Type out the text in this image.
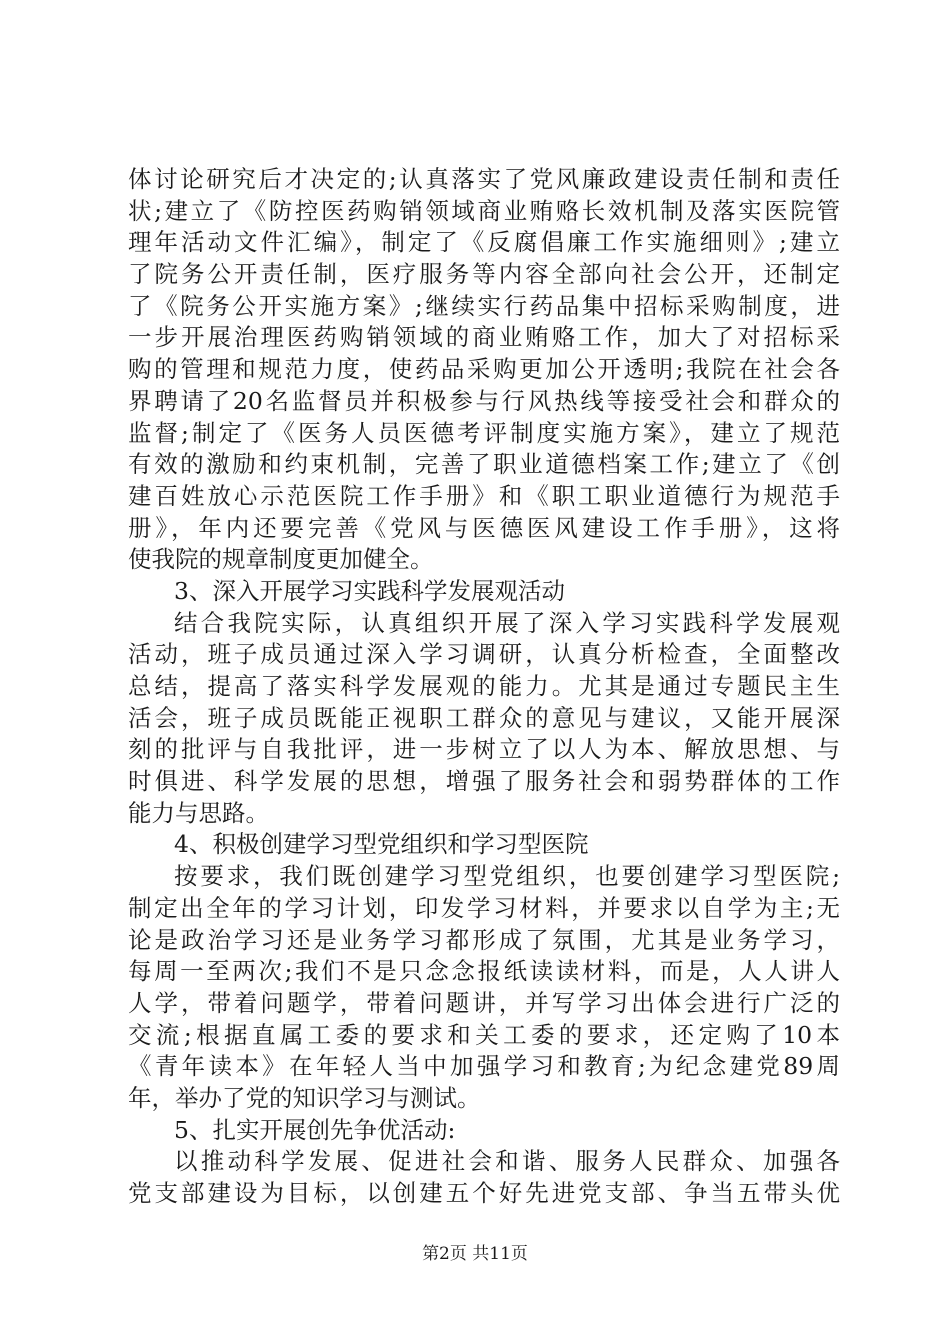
体讨论研究后才决定的;认真落实了党风廉政建设责任制和责任
状;建立了《防控医药购销领域商业贿赂长效机制及落实医院管
理年活动文件汇编》，制定了《反腐倡廉工作实施细则》;建立
了院务公开责任制，医疗服务等内容全部向社会公开，还制定
了《院务公开实施方案》;继续实行药品集中招标采购制度，进
一步开展治理医药购销领域的商业贿赂工作，加大了对招标采
购的管理和规范力度，使药品采购更加公开透明;我院在社会各
界聘请了20名监督员并积极参与行风热线等接受社会和群众的
监督;制定了《医务人员医德考评制度实施方案》，建立了规范
有效的激励和约束机制，完善了职业道德档案工作;建立了《创
建百姓放心示范医院工作手册》和《职工职业道德行为规范手
册》，年内还要完善《党风与医德医风建设工作手册》，这将
使我院的规章制度更加健全。
3、深入开展学习实践科学发展观活动
结合我院实际，认真组织开展了深入学习实践科学发展观
活动，班子成员通过深入学习调研，认真分析检查，全面整改
总结，提高了落实科学发展观的能力。尤其是通过专题民主生
活会，班子成员既能正视职工群众的意见与建议，又能开展深
刻的批评与自我批评，进一步树立了以人为本、解放思想、与
时俱进、科学发展的思想，增强了服务社会和弱势群体的工作
能力与思路。
4、积极创建学习型党组织和学习型医院
按要求，我们既创建学习型党组织，也要创建学习型医院;
制定出全年的学习计划，印发学习材料，并要求以自学为主;无
论是政治学习还是业务学习都形成了氛围，尤其是业务学习，
每周一至两次;我们不是只念念报纸读读材料，而是，人人讲人
人学，带着问题学，带着问题讲，并写学习出体会进行广泛的
交流;根据直属工委的要求和关工委的要求，还定购了10本
《青年读本》在年轻人当中加强学习和教育;为纪念建党89周
年，举办了党的知识学习与测试。
5、扎实开展创先争优活动:
以推动科学发展、促进社会和谐、服务人民群众、加强各
党支部建设为目标，以创建五个好先进党支部、争当五带头优
第2页 共11页
